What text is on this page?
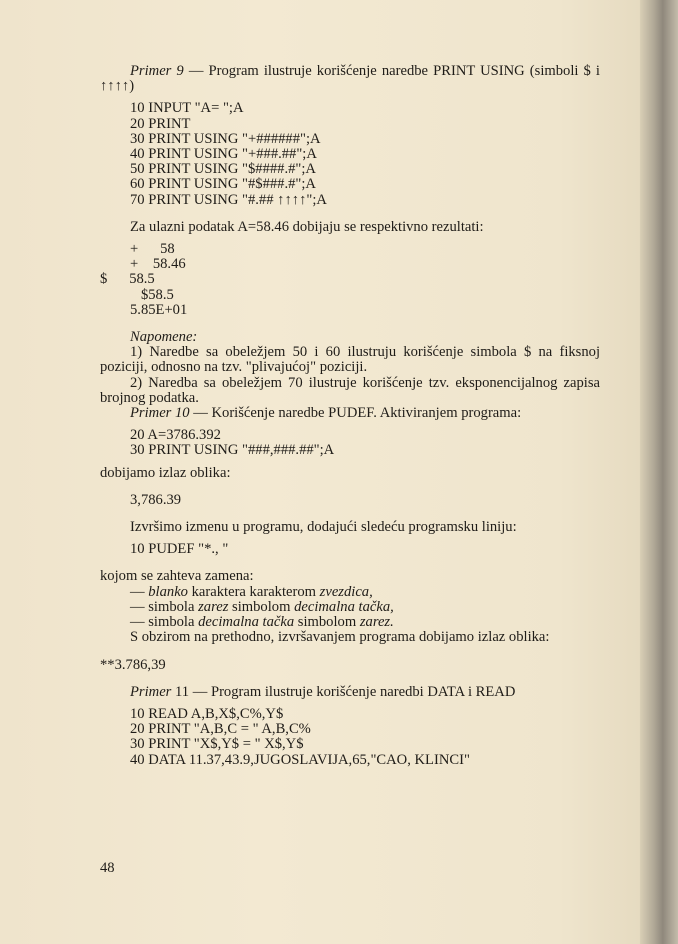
Primer 9 — Program ilustruje korišćenje naredbe PRINT USING (simboli $ i ↑↑↑↑)

10 INPUT "A= ";A
20 PRINT
30 PRINT USING "+######";A
40 PRINT USING "+###.##";A
50 PRINT USING "$####.#";A
60 PRINT USING "#$###.#";A
70 PRINT USING "#.## ↑↑↑↑";A

Za ulazni podatak A=58.46 dobijaju se respektivno rezultati:

+      58
+    58.46
$      58.5
$58.5
5.85E+01

Napomene:

1) Naredbe sa obeležjem 50 i 60 ilustruju korišćenje simbola $ na fiksnoj poziciji, odnosno na tzv. "plivajućoj" poziciji.

2) Naredba sa obeležjem 70 ilustruje korišćenje tzv. eksponencijalnog zapisa brojnog podatka.

Primer 10 — Korišćenje naredbe PUDEF. Aktiviranjem programa:

20 A=3786.392
30 PRINT USING "###,###.##";A

dobijamo izlaz oblika:

3,786.39

Izvršimo izmenu u programu, dodajući sledeću programsku liniju:

10 PUDEF "*., "

kojom se zahteva zamena:

— blanko karaktera karakterom zvezdica,

— simbola zarez simbolom decimalna tačka,

— simbola decimalna tačka simbolom zarez.

S obzirom na prethodno, izvršavanjem programa dobijamo izlaz oblika:

**3.786,39

Primer 11 — Program ilustruje korišćenje naredbi DATA i READ

10 READ A,B,X$,C%,Y$
20 PRINT "A,B,C = " A,B,C%
30 PRINT "X$,Y$ = " X$,Y$
40 DATA 11.37,43.9,JUGOSLAVIJA,65,"CAO, KLINCI"
48
